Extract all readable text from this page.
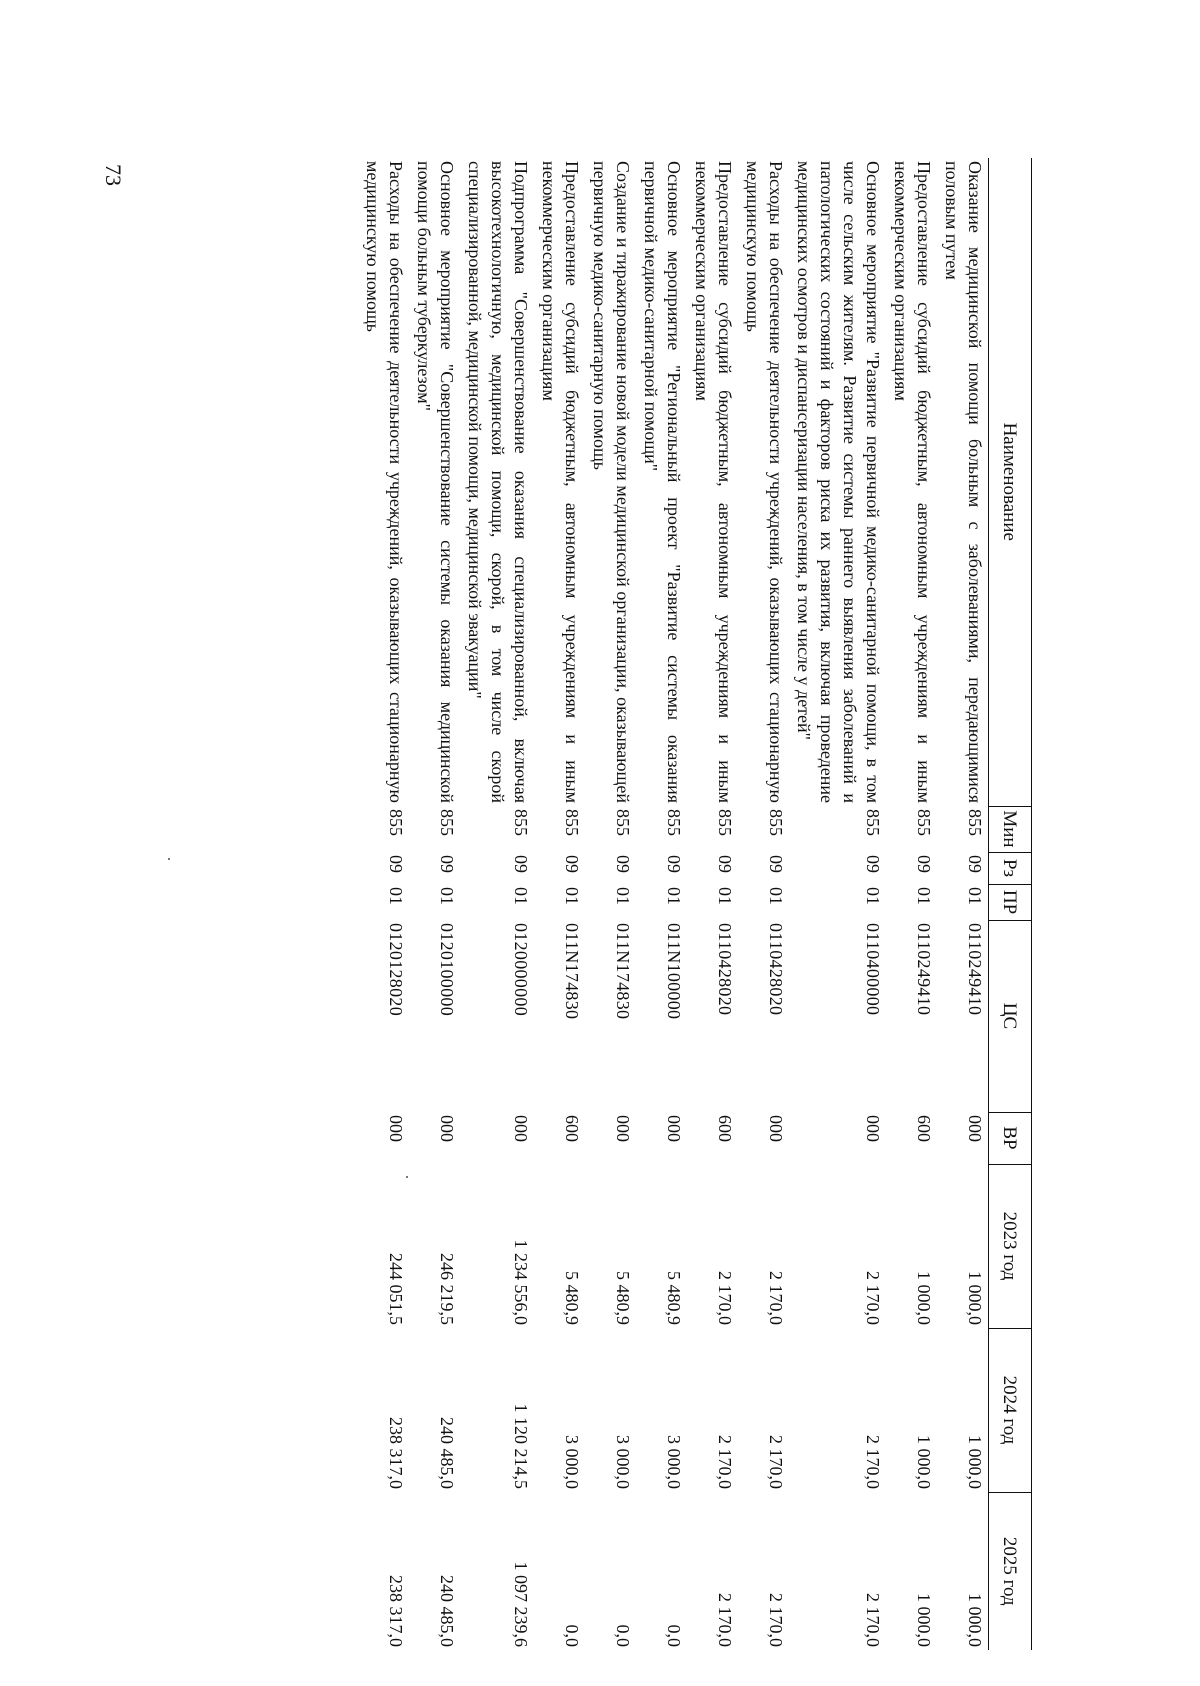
73
Наименование	Мин	Рз	ПР	ЦС	ВР	2023 год	2024 год	2025 год
Оказание медицинской помощи больным с заболеваниями, передающимися половым путем	855	09	01	0110249410	000	1 000,0	1 000,0	1 000,0
Предоставление субсидий бюджетным, автономным учреждениям и иным некоммерческим организациям	855	09	01	0110249410	600	1 000,0	1 000,0	1 000,0
Основное мероприятие "Развитие первичной медико-санитарной помощи, в том числе сельским жителям. Развитие системы раннего выявления заболеваний и патологических состояний и факторов риска их развития, включая проведение медицинских осмотров и диспансеризации населения, в том числе у детей"	855	09	01	0110400000	000	2 170,0	2 170,0	2 170,0
Расходы на обеспечение деятельности учреждений, оказывающих стационарную медицинскую помощь	855	09	01	0110428020	000	2 170,0	2 170,0	2 170,0
Предоставление субсидий бюджетным, автономным учреждениям и иным некоммерческим организациям	855	09	01	0110428020	600	2 170,0	2 170,0	2 170,0
Основное мероприятие "Региональный проект "Развитие системы оказания первичной медико-санитарной помощи"	855	09	01	011N100000	000	5 480,9	3 000,0	0,0
Создание и тиражирование новой модели медицинской организации, оказывающей первичную медико-санитарную помощь	855	09	01	011N174830	000	5 480,9	3 000,0	0,0
Предоставление субсидий бюджетным, автономным учреждениям и иным некоммерческим организациям	855	09	01	011N174830	600	5 480,9	3 000,0	0,0
Подпрограмма "Совершенствование оказания специализированной, включая высокотехнологичную, медицинской помощи, скорой, в том числе скорой специализированной, медицинской помощи, медицинской эвакуации"	855	09	01	0120000000	000	1 234 556,0	1 120 214,5	1 097 239,6
Основное мероприятие "Совершенствование системы оказания медицинской помощи больным туберкулезом"	855	09	01	0120100000	000	246 219,5	240 485,0	240 485,0
Расходы на обеспечение деятельности учреждений, оказывающих стационарную медицинскую помощь	855	09	01	0120128020	000	244 051,5	238 317,0	238 317,0
